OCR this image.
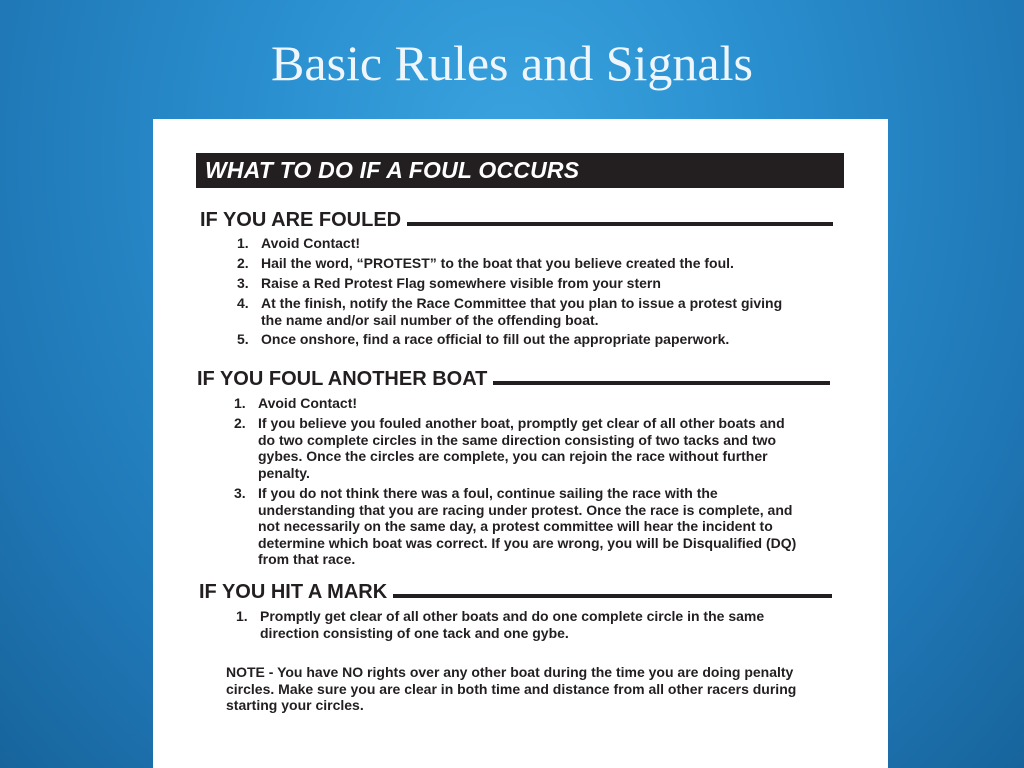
Basic Rules and Signals
WHAT TO DO IF A FOUL OCCURS
IF YOU ARE FOULED
1. Avoid Contact!
2. Hail the word, “PROTEST” to the boat that you believe created the foul.
3. Raise a Red Protest Flag somewhere visible from your stern
4. At the finish, notify the Race Committee that you plan to issue a protest giving the name and/or sail number of the offending boat.
5. Once onshore, find a race official to fill out the appropriate paperwork.
IF YOU FOUL ANOTHER BOAT
1. Avoid Contact!
2. If you believe you fouled another boat, promptly get clear of all other boats and do two complete circles in the same direction consisting of two tacks and two gybes. Once the circles are complete, you can rejoin the race without further penalty.
3. If you do not think there was a foul, continue sailing the race with the understanding that you are racing under protest. Once the race is complete, and not necessarily on the same day, a protest committee will hear the incident to determine which boat was correct. If you are wrong, you will be Disqualified (DQ) from that race.
IF YOU HIT A MARK
1. Promptly get clear of all other boats and do one complete circle in the same direction consisting of one tack and one gybe.
NOTE - You have NO rights over any other boat during the time you are doing penalty circles. Make sure you are clear in both time and distance from all other racers during starting your circles.
